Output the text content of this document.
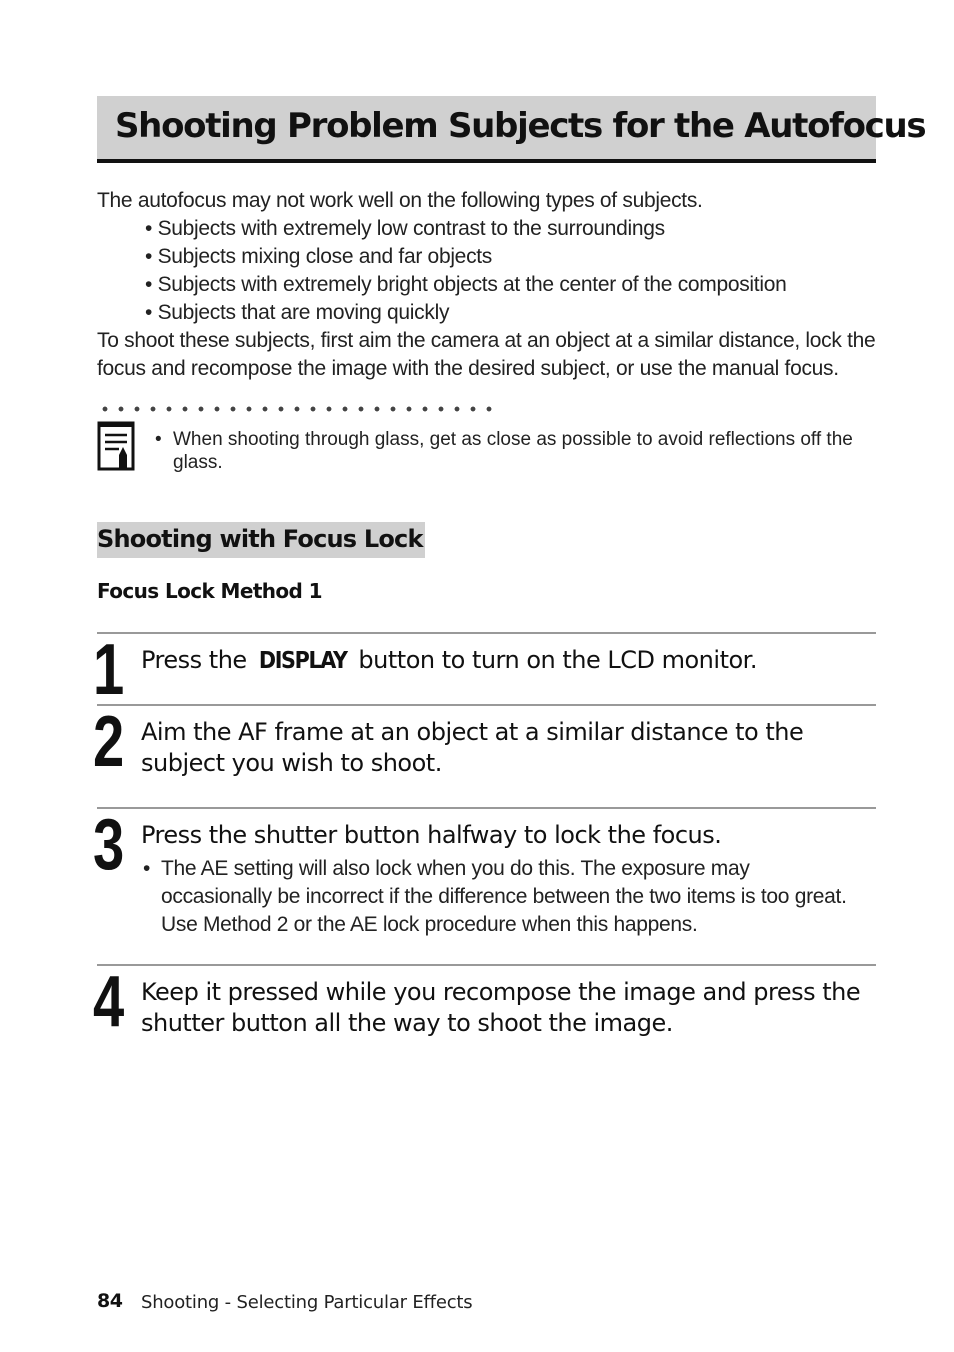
Shooting Problem Subjects for the Autofocus

The autofocus may not work well on the following types of subjects.

• Subjects with extremely low contrast to the surroundings
• Subjects mixing close and far objects
• Subjects with extremely bright objects at the center of the composition
• Subjects that are moving quickly

To shoot these subjects, first aim the camera at an object at a similar distance, lock the focus and recompose the image with the desired subject, or use the manual focus.

• When shooting through glass, get as close as possible to avoid reflections off the glass.
Shooting with Focus Lock
Focus Lock Method 1
1 Press the DISPLAY button to turn on the LCD monitor.
2 Aim the AF frame at an object at a similar distance to the subject you wish to shoot.
3 Press the shutter button halfway to lock the focus.
• The AE setting will also lock when you do this. The exposure may occasionally be incorrect if the difference between the two items is too great. Use Method 2 or the AE lock procedure when this happens.
4 Keep it pressed while you recompose the image and press the shutter button all the way to shoot the image.
84 Shooting - Selecting Particular Effects
